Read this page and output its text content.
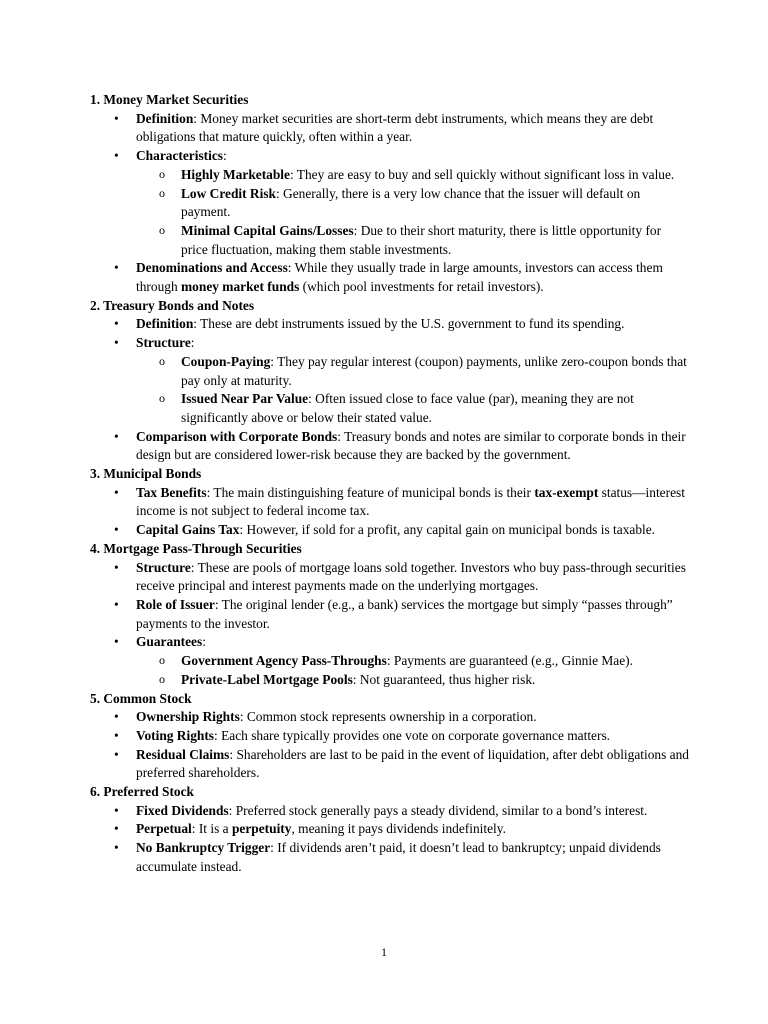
1. Money Market Securities
• Definition: Money market securities are short-term debt instruments, which means they are debt obligations that mature quickly, often within a year.
• Characteristics:
o Highly Marketable: They are easy to buy and sell quickly without significant loss in value.
o Low Credit Risk: Generally, there is a very low chance that the issuer will default on payment.
o Minimal Capital Gains/Losses: Due to their short maturity, there is little opportunity for price fluctuation, making them stable investments.
• Denominations and Access: While they usually trade in large amounts, investors can access them through money market funds (which pool investments for retail investors).
2. Treasury Bonds and Notes
• Definition: These are debt instruments issued by the U.S. government to fund its spending.
• Structure:
o Coupon-Paying: They pay regular interest (coupon) payments, unlike zero-coupon bonds that pay only at maturity.
o Issued Near Par Value: Often issued close to face value (par), meaning they are not significantly above or below their stated value.
• Comparison with Corporate Bonds: Treasury bonds and notes are similar to corporate bonds in their design but are considered lower-risk because they are backed by the government.
3. Municipal Bonds
• Tax Benefits: The main distinguishing feature of municipal bonds is their tax-exempt status—interest income is not subject to federal income tax.
• Capital Gains Tax: However, if sold for a profit, any capital gain on municipal bonds is taxable.
4. Mortgage Pass-Through Securities
• Structure: These are pools of mortgage loans sold together. Investors who buy pass-through securities receive principal and interest payments made on the underlying mortgages.
• Role of Issuer: The original lender (e.g., a bank) services the mortgage but simply “passes through” payments to the investor.
• Guarantees:
o Government Agency Pass-Throughs: Payments are guaranteed (e.g., Ginnie Mae).
o Private-Label Mortgage Pools: Not guaranteed, thus higher risk.
5. Common Stock
• Ownership Rights: Common stock represents ownership in a corporation.
• Voting Rights: Each share typically provides one vote on corporate governance matters.
• Residual Claims: Shareholders are last to be paid in the event of liquidation, after debt obligations and preferred shareholders.
6. Preferred Stock
• Fixed Dividends: Preferred stock generally pays a steady dividend, similar to a bond’s interest.
• Perpetual: It is a perpetuity, meaning it pays dividends indefinitely.
• No Bankruptcy Trigger: If dividends aren’t paid, it doesn’t lead to bankruptcy; unpaid dividends accumulate instead.
1
